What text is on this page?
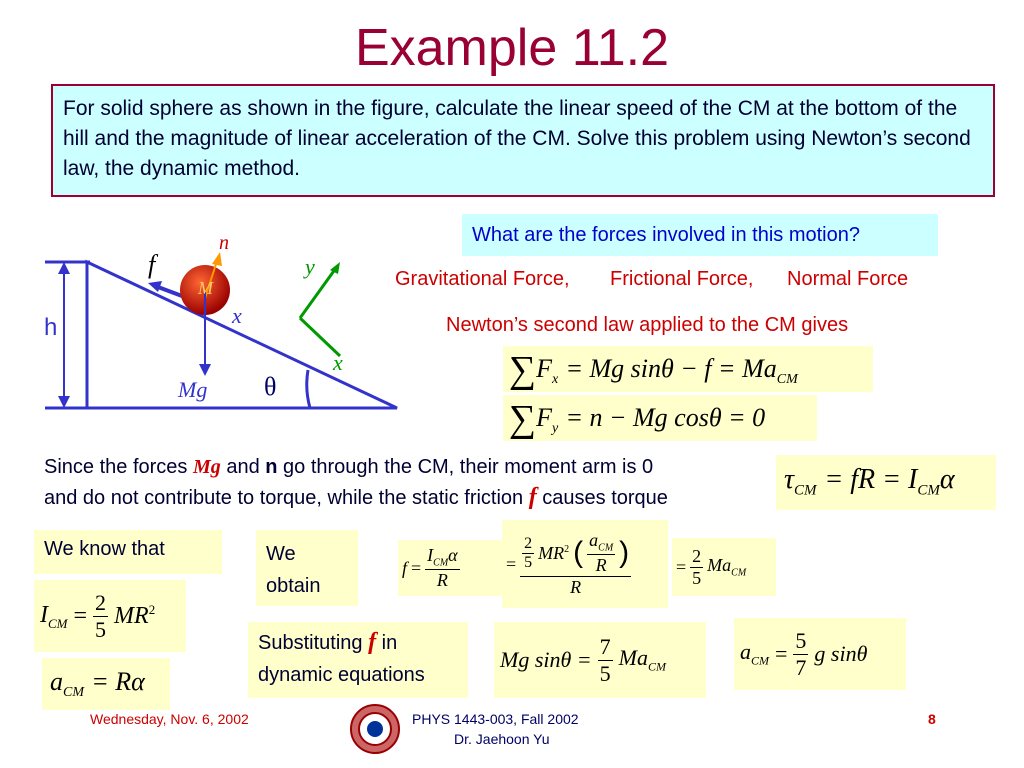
Example 11.2
For solid sphere as shown in the figure, calculate the linear speed of the CM at the bottom of the hill and the magnitude of linear acceleration of the CM. Solve this problem using Newton’s second law, the dynamic method.
n
f
M
x
Mg θ
h
y
x
What are the forces involved in this motion?
Gravitational Force, Frictional Force, Normal Force
Newton’s second law applied to the CM gives
$\sum F_x = Mg$ $\sin\theta - f = Ma_{CM}$
$\sum F_y = n - Mg$ cosθ = 0
Since the forces Mg and n go through the CM, their moment arm is 0
and do not contribute to torque, while the static friction f causes torque
$\tau_{CM}$ = fR = $I_{CM}\alpha$
We know that	We obtain
$I_{CM} = \frac{2}{5} MR^2$
$a_{CM} = R\alpha$
$f = \frac{I_{CM}\alpha}{R}$	= $\frac{\frac{2}{5} MR^2 ( \frac{a_{CM}}{R} )}{R} = \frac{2}{5} Ma_{CM}$
Substituting f in
dynamic equations
Mg $\sin\theta = \frac{7}{5} Ma_{CM}$
$a_{CM} = \frac{5}{7}$ g sinθ
Wednesday, Nov. 6, 2002	PHYS 1443-003, Fall 2002
Dr. Jaehoon Yu
8
